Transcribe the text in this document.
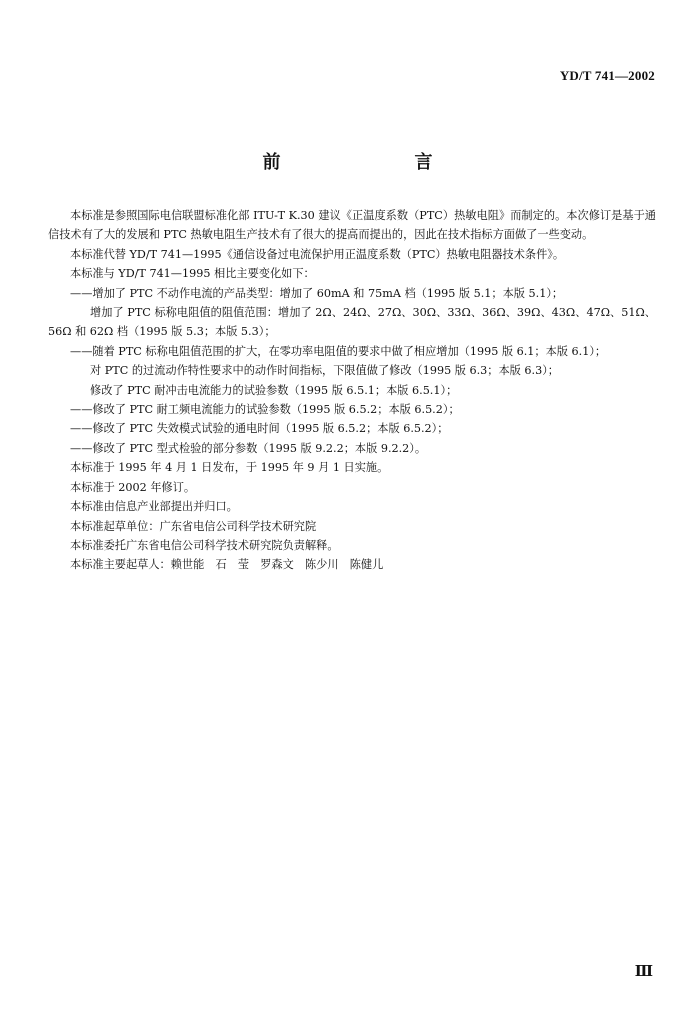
YD/T 741—2002
前　言

本标准是参照国际电信联盟标准化部 ITU-T K.30 建议《正温度系数（PTC）热敏电阻》而制定的。本次修订是基于通信技术有了大的发展和 PTC 热敏电阻生产技术有了很大的提高而提出的，因此在技术指标方面做了一些变动。

本标准代替 YD/T 741—1995《通信设备过电流保护用正温度系数（PTC）热敏电阻器技术条件》。

本标准与 YD/T 741—1995 相比主要变化如下：

——增加了 PTC 不动作电流的产品类型：增加了 60mA 和 75mA 档（1995 版 5.1；本版 5.1）；

增加了 PTC 标称电阻值的阻值范围：增加了 2Ω、24Ω、27Ω、30Ω、33Ω、36Ω、39Ω、43Ω、47Ω、51Ω、56Ω 和 62Ω 档（1995 版 5.3；本版 5.3）；

——随着 PTC 标称电阻值范围的扩大，在零功率电阻值的要求中做了相应增加（1995 版 6.1；本版 6.1）；

对 PTC 的过流动作特性要求中的动作时间指标，下限值做了修改（1995 版 6.3；本版 6.3）；

修改了 PTC 耐冲击电流能力的试验参数（1995 版 6.5.1；本版 6.5.1）；

——修改了 PTC 耐工频电流能力的试验参数（1995 版 6.5.2；本版 6.5.2）；

——修改了 PTC 失效模式试验的通电时间（1995 版 6.5.2；本版 6.5.2）；

——修改了 PTC 型式检验的部分参数（1995 版 9.2.2；本版 9.2.2）。

本标准于 1995 年 4 月 1 日发布，于 1995 年 9 月 1 日实施。

本标准于 2002 年修订。

本标准由信息产业部提出并归口。

本标准起草单位：广东省电信公司科学技术研究院

本标准委托广东省电信公司科学技术研究院负责解释。

本标准主要起草人：赖世能　石　莹　罗森文　陈少川　陈健儿

Ⅲ
